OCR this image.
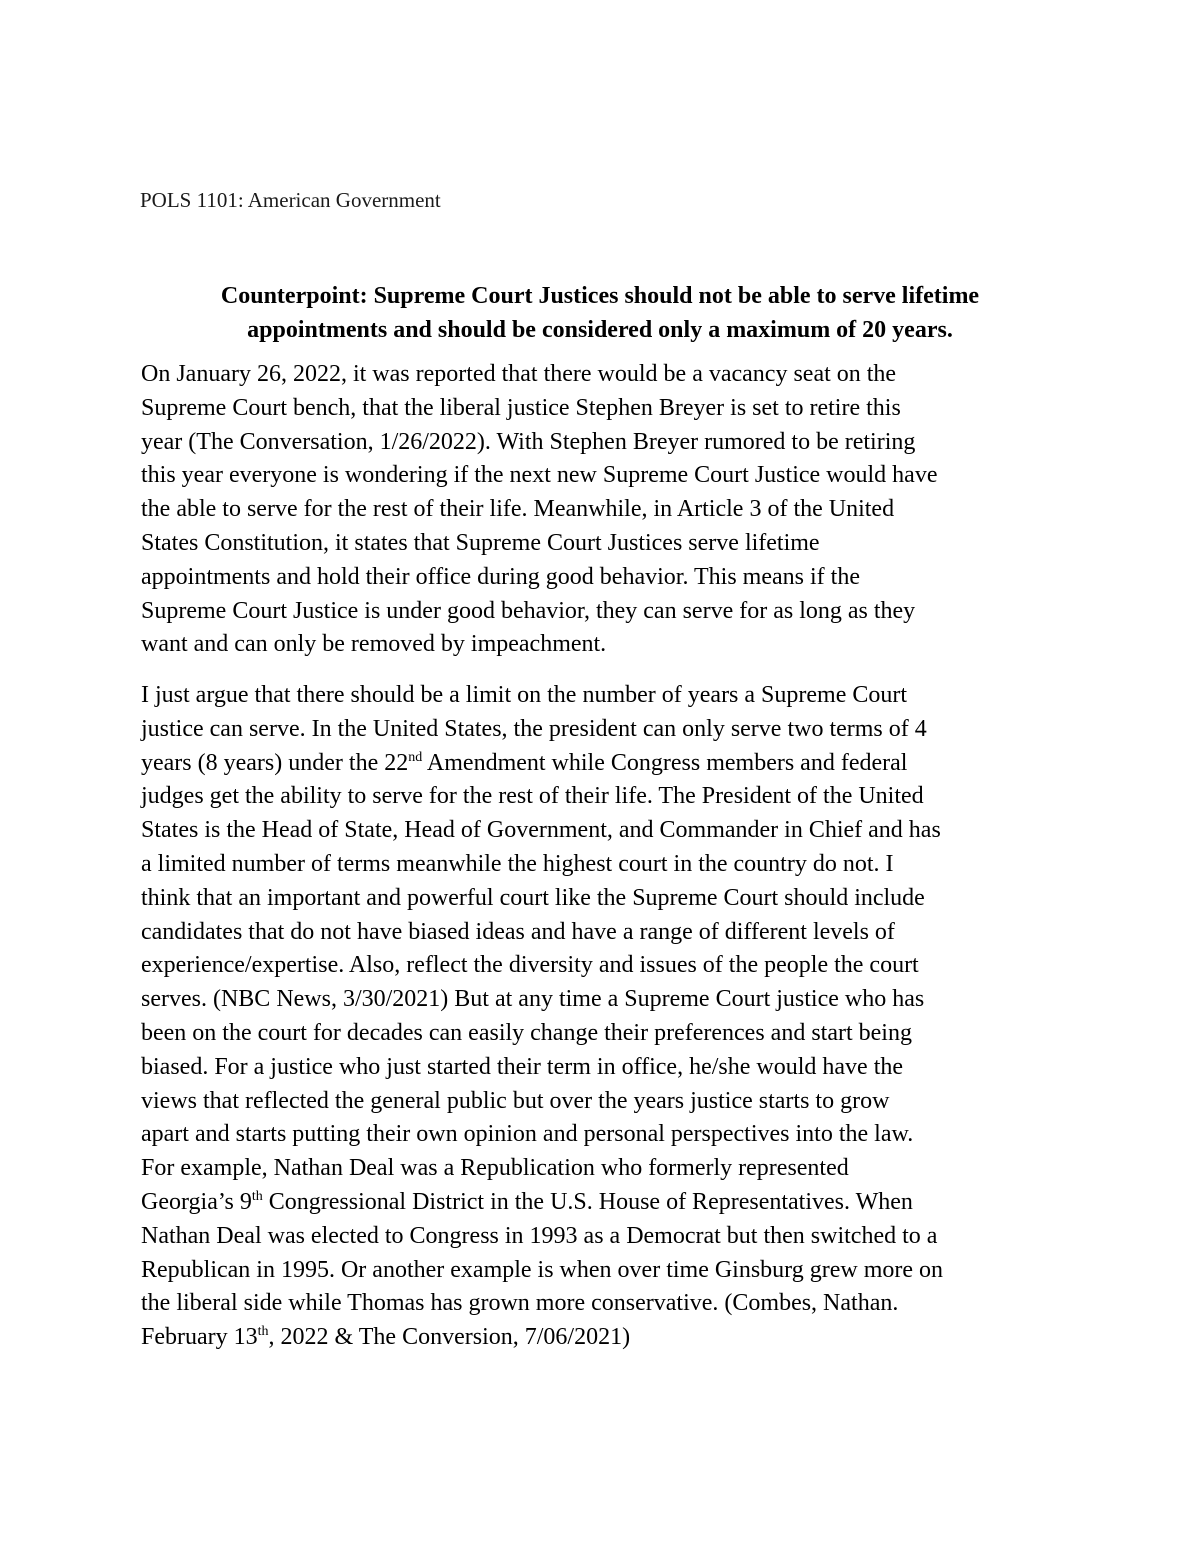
POLS 1101: American Government
Counterpoint: Supreme Court Justices should not be able to serve lifetime
appointments and should be considered only a maximum of 20 years.
On January 26, 2022, it was reported that there would be a vacancy seat on the
Supreme Court bench, that the liberal justice Stephen Breyer is set to retire this
year (The Conversation, 1/26/2022). With Stephen Breyer rumored to be retiring
this year everyone is wondering if the next new Supreme Court Justice would have
the able to serve for the rest of their life. Meanwhile, in Article 3 of the United
States Constitution, it states that Supreme Court Justices serve lifetime
appointments and hold their office during good behavior. This means if the
Supreme Court Justice is under good behavior, they can serve for as long as they
want and can only be removed by impeachment.
I just argue that there should be a limit on the number of years a Supreme Court
justice can serve. In the United States, the president can only serve two terms of 4
years (8 years) under the 22nd Amendment while Congress members and federal
judges get the ability to serve for the rest of their life. The President of the United
States is the Head of State, Head of Government, and Commander in Chief and has
a limited number of terms meanwhile the highest court in the country do not. I
think that an important and powerful court like the Supreme Court should include
candidates that do not have biased ideas and have a range of different levels of
experience/expertise. Also, reflect the diversity and issues of the people the court
serves. (NBC News, 3/30/2021) But at any time a Supreme Court justice who has
been on the court for decades can easily change their preferences and start being
biased. For a justice who just started their term in office, he/she would have the
views that reflected the general public but over the years justice starts to grow
apart and starts putting their own opinion and personal perspectives into the law.
For example, Nathan Deal was a Republication who formerly represented
Georgia’s 9th Congressional District in the U.S. House of Representatives. When
Nathan Deal was elected to Congress in 1993 as a Democrat but then switched to a
Republican in 1995. Or another example is when over time Ginsburg grew more on
the liberal side while Thomas has grown more conservative. (Combes, Nathan.
February 13th, 2022 & The Conversion, 7/06/2021)
